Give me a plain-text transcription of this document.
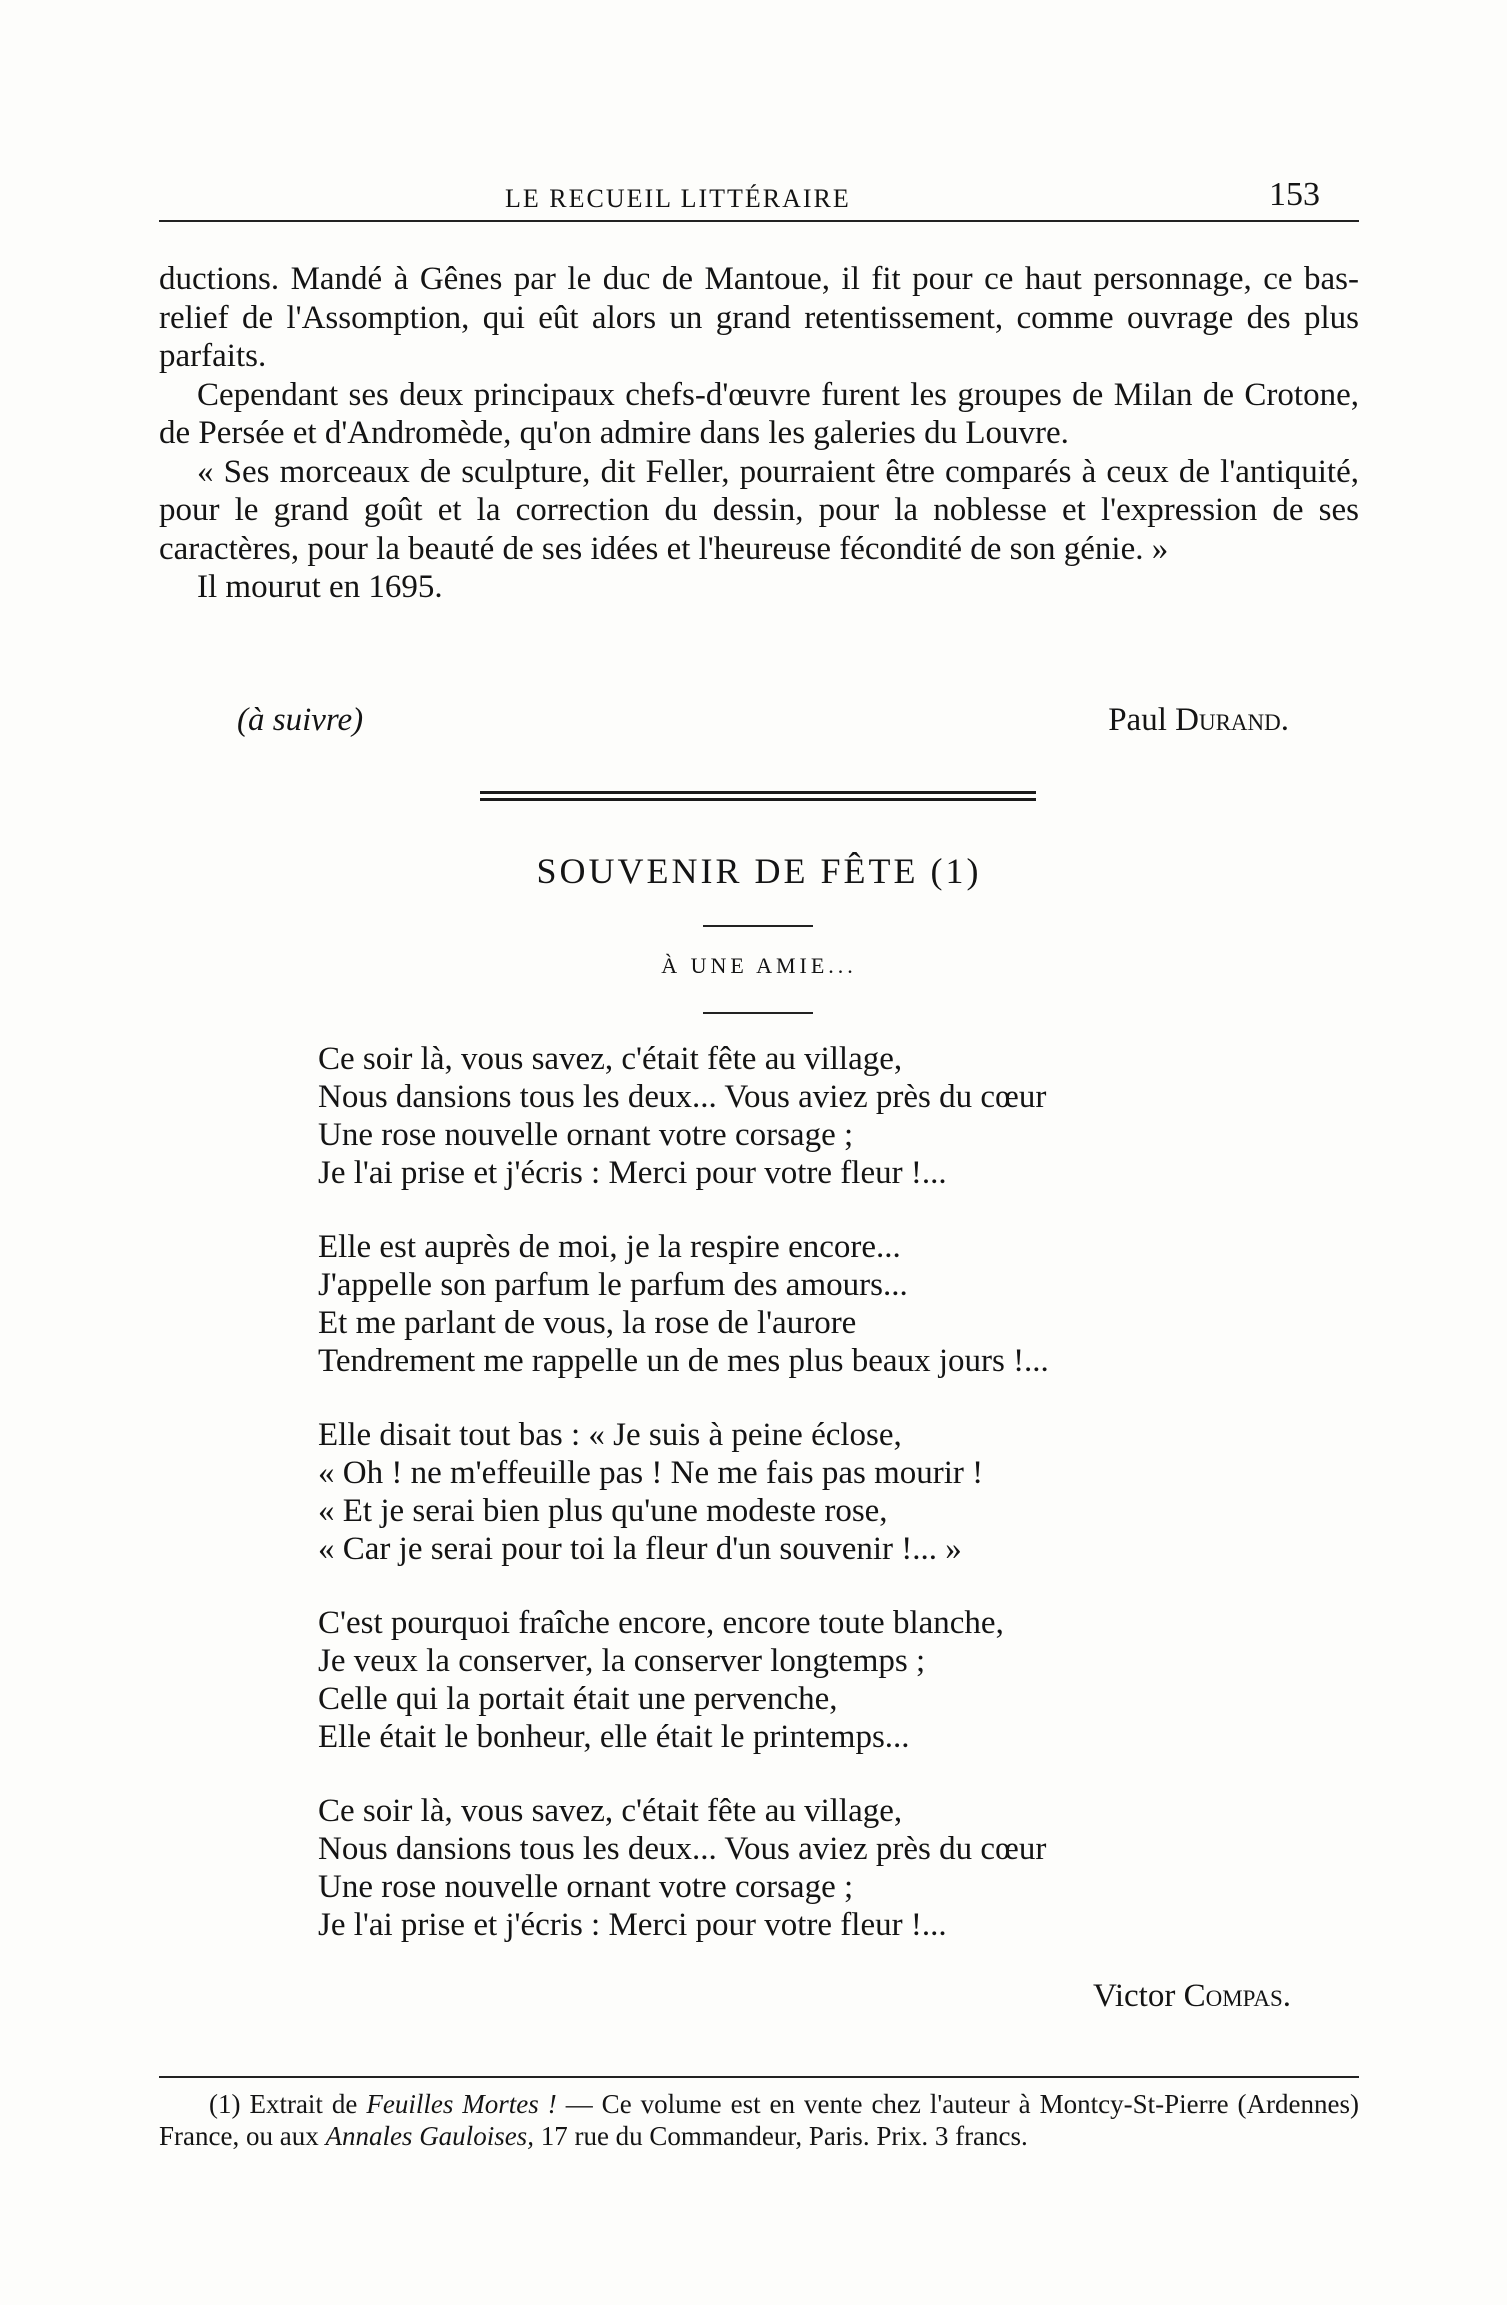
LE RECUEIL LITTÉRAIRE	153

ductions. Mandé à Gênes par le duc de Mantoue, il fit pour ce haut personnage, ce bas-relief de l'Assomption, qui eût alors un grand retentissement, comme ouvrage des plus parfaits.

Cependant ses deux principaux chefs-d'œuvre furent les groupes de Milan de Crotone, de Persée et d'Andromède, qu'on admire dans les galeries du Louvre.

« Ses morceaux de sculpture, dit Feller, pourraient être comparés à ceux de l'antiquité, pour le grand goût et la correction du dessin, pour la noblesse et l'expression de ses caractères, pour la beauté de ses idées et l'heureuse fécondité de son génie. »

Il mourut en 1695.

(à suivre)	Paul Durand.
SOUVENIR DE FÊTE (1)
À UNE AMIE...
Ce soir là, vous savez, c'était fête au village,
Nous dansions tous les deux... Vous aviez près du cœur
Une rose nouvelle ornant votre corsage ;
Je l'ai prise et j'écris : Merci pour votre fleur !...
Elle est auprès de moi, je la respire encore...
J'appelle son parfum le parfum des amours...
Et me parlant de vous, la rose de l'aurore
Tendrement me rappelle un de mes plus beaux jours !...
Elle disait tout bas : « Je suis à peine éclose,
« Oh ! ne m'effeuille pas ! Ne me fais pas mourir !
« Et je serai bien plus qu'une modeste rose,
« Car je serai pour toi la fleur d'un souvenir !... »
C'est pourquoi fraîche encore, encore toute blanche,
Je veux la conserver, la conserver longtemps ;
Celle qui la portait était une pervenche,
Elle était le bonheur, elle était le printemps...
Ce soir là, vous savez, c'était fête au village,
Nous dansions tous les deux... Vous aviez près du cœur
Une rose nouvelle ornant votre corsage ;
Je l'ai prise et j'écris : Merci pour votre fleur !...
Victor Compas.
(1) Extrait de Feuilles Mortes ! — Ce volume est en vente chez l'auteur à Montcy-St-Pierre (Ardennes) France, ou aux Annales Gauloises, 17 rue du Commandeur, Paris. Prix. 3 francs.
